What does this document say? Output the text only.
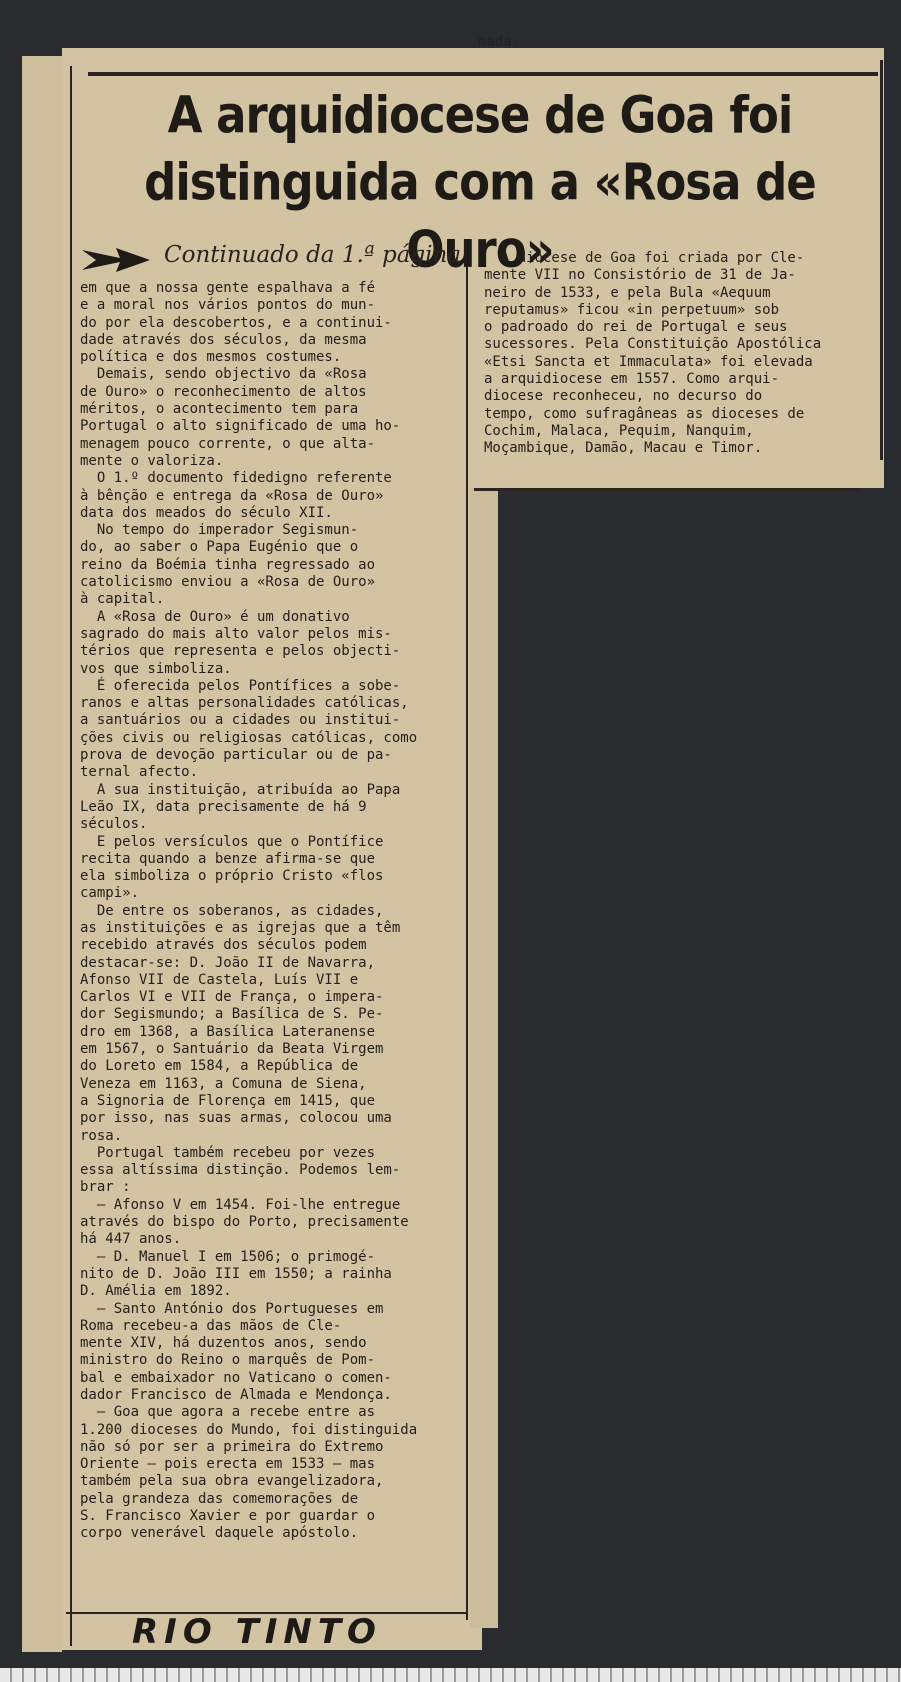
mada.
A arquidiocese de Goa foi distinguida com a «Rosa de Ouro»
Continuado da 1.ª página
em que a nossa gente espalhava a fé
e a moral nos vários pontos do mun-
do por ela descobertos, e a continui-
dade através dos séculos, da mesma
política e dos mesmos costumes.
Demais, sendo objectivo da «Rosa
de Ouro» o reconhecimento de altos
méritos, o acontecimento tem para
Portugal o alto significado de uma ho-
menagem pouco corrente, o que alta-
mente o valoriza.
O 1.º documento fidedigno referente
à bênção e entrega da «Rosa de Ouro»
data dos meados do século XII.
No tempo do imperador Segismun-
do, ao saber o Papa Eugénio que o
reino da Boémia tinha regressado ao
catolicismo enviou a «Rosa de Ouro»
à capital.
A «Rosa de Ouro» é um donativo
sagrado do mais alto valor pelos mis-
térios que representa e pelos objecti-
vos que simboliza.
É oferecida pelos Pontífices a sobe-
ranos e altas personalidades católicas,
a santuários ou a cidades ou institui-
ções civis ou religiosas católicas, como
prova de devoção particular ou de pa-
ternal afecto.
A sua instituição, atribuída ao Papa
Leão IX, data precisamente de há 9
séculos.
E pelos versículos que o Pontífice
recita quando a benze afirma-se que
ela simboliza o próprio Cristo «flos
campi».
De entre os soberanos, as cidades,
as instituições e as igrejas que a têm
recebido através dos séculos podem
destacar-se: D. João II de Navarra,
Afonso VII de Castela, Luís VII e
Carlos VI e VII de França, o impera-
dor Segismundo; a Basílica de S. Pe-
dro em 1368, a Basílica Lateranense
em 1567, o Santuário da Beata Virgem
do Loreto em 1584, a República de
Veneza em 1163, a Comuna de Siena,
a Signoria de Florença em 1415, que
por isso, nas suas armas, colocou uma
rosa.
Portugal também recebeu por vezes
essa altíssima distinção. Podemos lem-
brar :
— Afonso V em 1454. Foi-lhe entregue
através do bispo do Porto, precisamente
há 447 anos.
— D. Manuel I em 1506; o primogé-
nito de D. João III em 1550; a rainha
D. Amélia em 1892.
— Santo António dos Portugueses em
Roma recebeu-a das mãos de Cle-
mente XIV, há duzentos anos, sendo
ministro do Reino o marquês de Pom-
bal e embaixador no Vaticano o comen-
dador Francisco de Almada e Mendonça.
— Goa que agora a recebe entre as
1.200 dioceses do Mundo, foi distinguida
não só por ser a primeira do Extremo
Oriente — pois erecta em 1533 — mas
também pela sua obra evangelizadora,
pela grandeza das comemorações de
S. Francisco Xavier e por guardar o
corpo venerável daquele apóstolo.
A diocese de Goa foi criada por Cle-
mente VII no Consistório de 31 de Ja-
neiro de 1533, e pela Bula «Aequum
reputamus» ficou «in perpetuum» sob
o padroado do rei de Portugal e seus
sucessores. Pela Constituição Apostólica
«Etsi Sancta et Immaculata» foi elevada
a arquidiocese em 1557. Como arqui-
diocese reconheceu, no decurso do
tempo, como sufragâneas as dioceses de
Cochim, Malaca, Pequim, Nanquim,
Moçambique, Damão, Macau e Timor.
RIO TINTO
